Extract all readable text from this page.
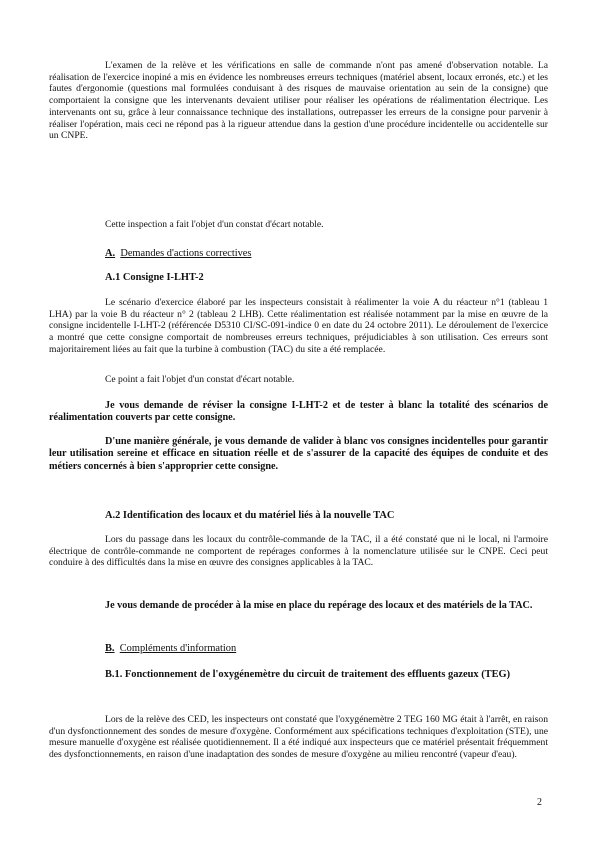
L'examen de la relève et les vérifications en salle de commande n'ont pas amené d'observation notable. La réalisation de l'exercice inopiné a mis en évidence les nombreuses erreurs techniques (matériel absent, locaux erronés, etc.) et les fautes d'ergonomie (questions mal formulées conduisant à des risques de mauvaise orientation au sein de la consigne) que comportaient la consigne que les intervenants devaient utiliser pour réaliser les opérations de réalimentation électrique. Les intervenants ont su, grâce à leur connaissance technique des installations, outrepasser les erreurs de la consigne pour parvenir à réaliser l'opération, mais ceci ne répond pas à la rigueur attendue dans la gestion d'une procédure incidentelle ou accidentelle sur un CNPE.

Cette inspection a fait l'objet d'un constat d'écart notable.

A. Demandes d'actions correctives

A.1 Consigne I-LHT-2

Le scénario d'exercice élaboré par les inspecteurs consistait à réalimenter la voie A du réacteur n°1 (tableau 1 LHA) par la voie B du réacteur n° 2 (tableau 2 LHB). Cette réalimentation est réalisée notamment par la mise en œuvre de la consigne incidentelle I-LHT-2 (référencée D5310 CI/SC-091-indice 0 en date du 24 octobre 2011). Le déroulement de l'exercice a montré que cette consigne comportait de nombreuses erreurs techniques, préjudiciables à son utilisation. Ces erreurs sont majoritairement liées au fait que la turbine à combustion (TAC) du site a été remplacée.

Ce point a fait l'objet d'un constat d'écart notable.

Je vous demande de réviser la consigne I-LHT-2 et de tester à blanc la totalité des scénarios de réalimentation couverts par cette consigne.

D'une manière générale, je vous demande de valider à blanc vos consignes incidentelles pour garantir leur utilisation sereine et efficace en situation réelle et de s'assurer de la capacité des équipes de conduite et des métiers concernés à bien s'approprier cette consigne.

A.2 Identification des locaux et du matériel liés à la nouvelle TAC

Lors du passage dans les locaux du contrôle-commande de la TAC, il a été constaté que ni le local, ni l'armoire électrique de contrôle-commande ne comportent de repérages conformes à la nomenclature utilisée sur le CNPE. Ceci peut conduire à des difficultés dans la mise en œuvre des consignes applicables à la TAC.

Je vous demande de procéder à la mise en place du repérage des locaux et des matériels de la TAC.

B. Compléments d'information

B.1. Fonctionnement de l'oxygénemètre du circuit de traitement des effluents gazeux (TEG)

Lors de la relève des CED, les inspecteurs ont constaté que l'oxygénemètre 2 TEG 160 MG était à l'arrêt, en raison d'un dysfonctionnement des sondes de mesure d'oxygène. Conformément aux spécifications techniques d'exploitation (STE), une mesure manuelle d'oxygène est réalisée quotidiennement. Il a été indiqué aux inspecteurs que ce matériel présentait fréquemment des dysfonctionnements, en raison d'une inadaptation des sondes de mesure d'oxygène au milieu rencontré (vapeur d'eau).

2
